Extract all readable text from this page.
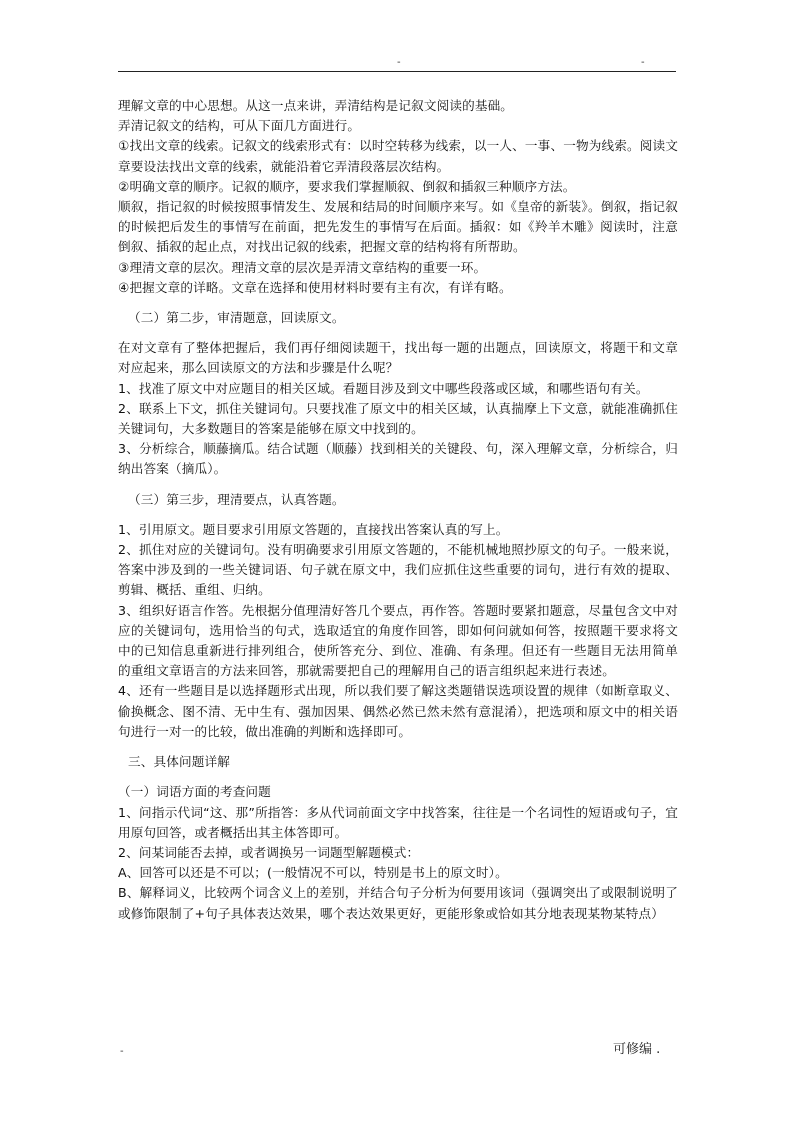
-	-

理解文章的中心思想。从这一点来讲，弄清结构是记叙文阅读的基础。

弄清记叙文的结构，可从下面几方面进行。

①找出文章的线索。记叙文的线索形式有：以时空转移为线索，以一人、一事、一物为线索。阅读文章要设法找出文章的线索，就能沿着它弄清段落层次结构。

②明确文章的顺序。记叙的顺序，要求我们掌握顺叙、倒叙和插叙三种顺序方法。

顺叙，指记叙的时候按照事情发生、发展和结局的时间顺序来写。如《皇帝的新装》。倒叙，指记叙的时候把后发生的事情写在前面，把先发生的事情写在后面。插叙：如《羚羊木雕》阅读时，注意倒叙、插叙的起止点，对找出记叙的线索，把握文章的结构将有所帮助。

③理清文章的层次。理清文章的层次是弄清文章结构的重要一环。

④把握文章的详略。文章在选择和使用材料时要有主有次，有详有略。

（二）第二步，审清题意，回读原文。

在对文章有了整体把握后，我们再仔细阅读题干，找出每一题的出题点，回读原文，将题干和文章对应起来，那么回读原文的方法和步骤是什么呢？

1、找准了原文中对应题目的相关区域。看题目涉及到文中哪些段落或区域，和哪些语句有关。

2、联系上下文，抓住关键词句。只要找准了原文中的相关区域，认真揣摩上下文意，就能准确抓住关键词句，大多数题目的答案是能够在原文中找到的。

3、分析综合，顺藤摘瓜。结合试题（顺藤）找到相关的关键段、句，深入理解文章，分析综合，归纳出答案（摘瓜）。

（三）第三步，理清要点，认真答题。

1、引用原文。题目要求引用原文答题的，直接找出答案认真的写上。

2、抓住对应的关键词句。没有明确要求引用原文答题的，不能机械地照抄原文的句子。一般来说，答案中涉及到的一些关键词语、句子就在原文中，我们应抓住这些重要的词句，进行有效的提取、剪辑、概括、重组、归纳。

3、组织好语言作答。先根据分值理清好答几个要点，再作答。答题时要紧扣题意，尽量包含文中对应的关键词句，选用恰当的句式，选取适宜的角度作回答，即如何问就如何答，按照题干要求将文中的已知信息重新进行排列组合，使所答充分、到位、准确、有条理。但还有一些题目无法用简单的重组文章语言的方法来回答，那就需要把自己的理解用自己的语言组织起来进行表述。

4、还有一些题目是以选择题形式出现，所以我们要了解这类题错误选项设置的规律（如断章取义、偷换概念、图不清、无中生有、强加因果、偶然必然已然未然有意混淆），把选项和原文中的相关语句进行一对一的比较，做出准确的判断和选择即可。

三、具体问题详解

（一）词语方面的考查问题

1、问指示代词“这、那”所指答：多从代词前面文字中找答案，往往是一个名词性的短语或句子，宜用原句回答，或者概括出其主体答即可。

2、问某词能否去掉，或者调换另一词题型解题模式：

A、回答可以还是不可以；(一般情况不可以，特别是书上的原文时）。

B、解释词义，比较两个词含义上的差别，并结合句子分析为何要用该词（强调突出了或限制说明了或修饰限制了+句子具体表达效果，哪个表达效果更好，更能形象或恰如其分地表现某物某特点）

-	可修编 .
